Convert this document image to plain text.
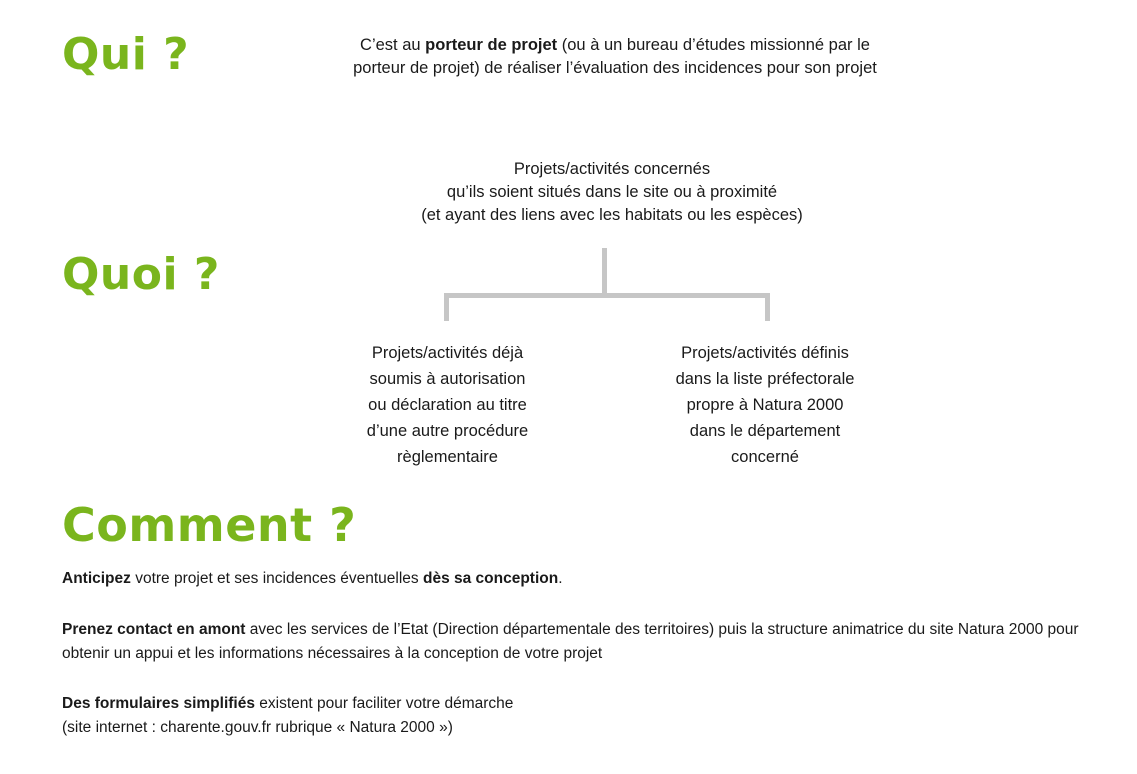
Qui ?
Quoi ?
Comment ?
C’est au porteur de projet (ou à un bureau d’études missionné par le
porteur de projet) de réaliser l’évaluation des incidences pour son projet
Projets/activités concernés
qu’ils soient situés dans le site ou à proximité
(et ayant des liens avec les habitats ou les espèces)
Projets/activités déjà
soumis à autorisation
ou déclaration au titre
d’une autre procédure
règlementaire
Projets/activités définis
dans la liste préfectorale
propre à Natura 2000
dans le département
concerné

Anticipez votre projet et ses incidences éventuelles dès sa conception.

Prenez contact en amont avec les services de l’Etat (Direction départementale des territoires) puis la structure animatrice du site Natura 2000 pour obtenir un appui et les informations nécessaires à la conception de votre projet

Des formulaires simplifiés existent pour faciliter votre démarche
(site internet : charente.gouv.fr rubrique « Natura 2000 »)
